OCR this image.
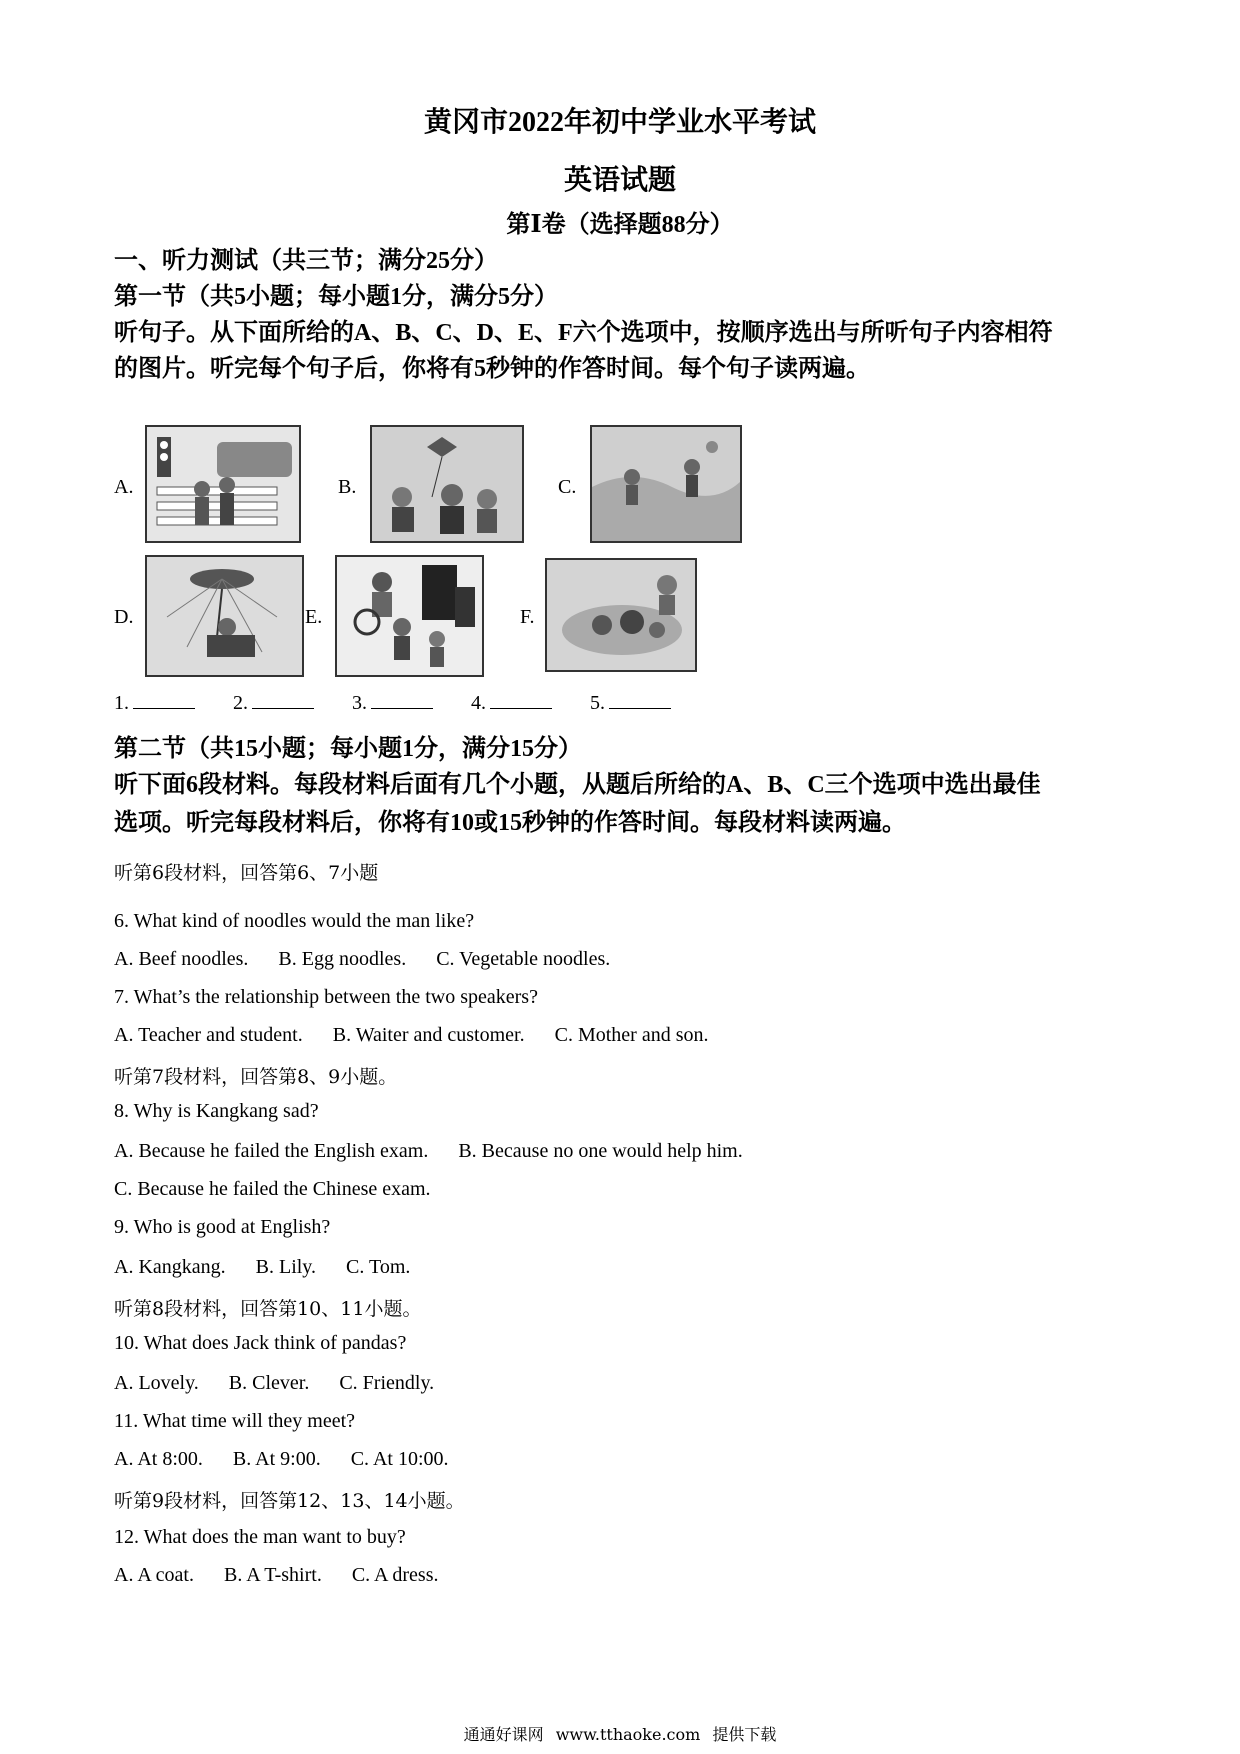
黄冈市2022年初中学业水平考试
英语试题
第Ⅰ卷（选择题88分）
一、听力测试（共三节；满分25分）
第一节（共5小题；每小题1分，满分5分）
听句子。从下面所给的A、B、C、D、E、F六个选项中，按顺序选出与所听句子内容相符
的图片。听完每个句子后，你将有5秒钟的作答时间。每个句子读两遍。
A.	B.	C.
D.	E.	F.
1.	2.	3.	4.	5.
第二节（共15小题；每小题1分，满分15分）
听下面6段材料。每段材料后面有几个小题，从题后所给的A、B、C三个选项中选出最佳
选项。听完每段材料后，你将有10或15秒钟的作答时间。每段材料读两遍。
听第6段材料，回答第6、7小题
6. What kind of noodles would the man like?
A. Beef noodles. B. Egg noodles. C. Vegetable noodles.
7. What’s the relationship between the two speakers?
A. Teacher and student. B. Waiter and customer. C. Mother and son.
听第7段材料，回答第8、9小题。
8. Why is Kangkang sad?
A. Because he failed the English exam. B. Because no one would help him.
C. Because he failed the Chinese exam.
9. Who is good at English?
A. Kangkang. B. Lily. C. Tom.
听第8段材料，回答第10、11小题。
10. What does Jack think of pandas?
A. Lovely. B. Clever. C. Friendly.
11. What time will they meet?
A. At 8:00. B. At 9:00. C. At 10:00.
听第9段材料，回答第12、13、14小题。
12. What does the man want to buy?
A. A coat. B. A T-shirt. C. A dress.
通通好课网 www.tthaoke.com 提供下载
